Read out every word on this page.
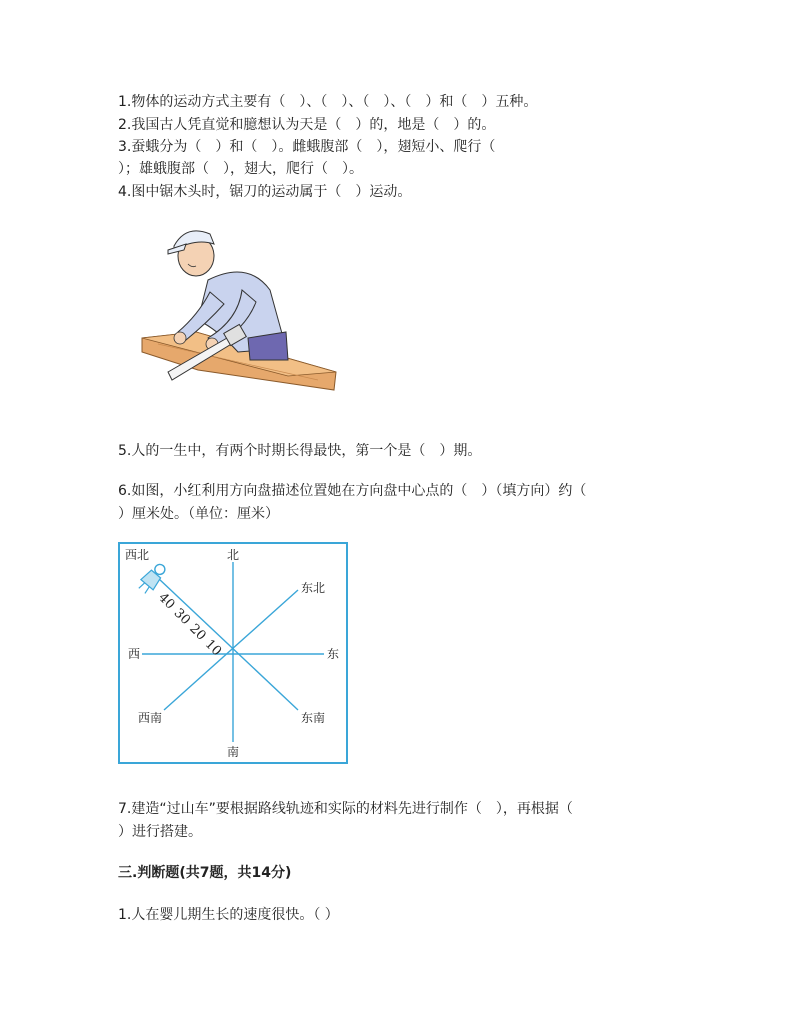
1.物体的运动方式主要有（　）、（　）、（　）、（　）和（　）五种。
2.我国古人凭直觉和臆想认为天是（　）的，地是（　）的。
3.蚕蛾分为（　）和（　）。雌蛾腹部（　），翅短小、爬行（
）；雄蛾腹部（　），翅大，爬行（　）。
4.图中锯木头时，锯刀的运动属于（　）运动。
5.人的一生中，有两个时期长得最快，第一个是（　）期。
6.如图，小红利用方向盘描述位置她在方向盘中心点的（　）（填方向）约（
）厘米处。（单位：厘米）
西北	北
东北
西	东
西南	东南
南
40
30
20
10
7.建造“过山车”要根据路线轨迹和实际的材料先进行制作（　），再根据（
）进行搭建。
三.判断题(共7题，共14分)
1.人在婴儿期生长的速度很快。（ ）
